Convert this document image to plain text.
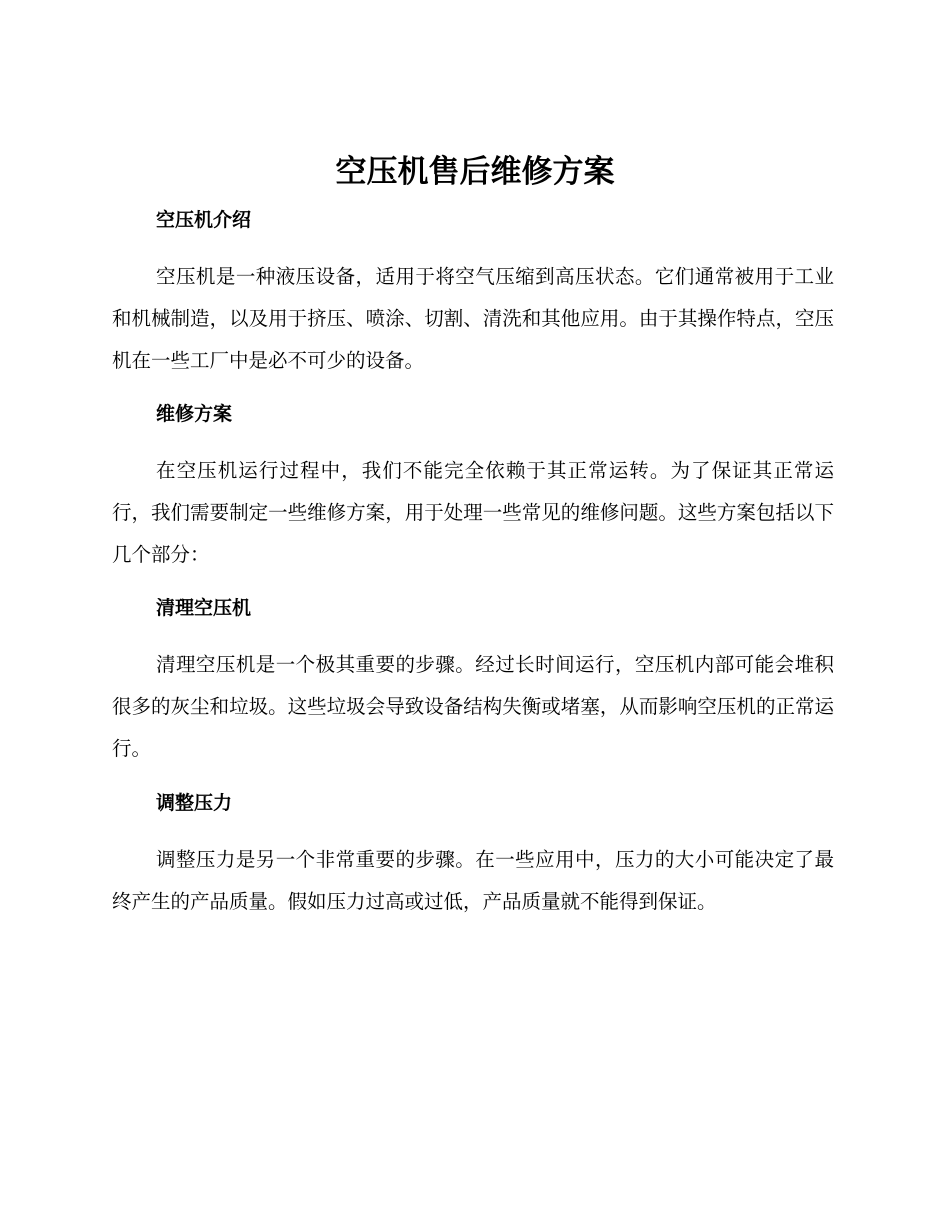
空压机售后维修方案
空压机介绍

空压机是一种液压设备，适用于将空气压缩到高压状态。它们通常被用于工业和机械制造，以及用于挤压、喷涂、切割、清洗和其他应用。由于其操作特点，空压机在一些工厂中是必不可少的设备。

维修方案

在空压机运行过程中，我们不能完全依赖于其正常运转。为了保证其正常运行，我们需要制定一些维修方案，用于处理一些常见的维修问题。这些方案包括以下几个部分：

清理空压机

清理空压机是一个极其重要的步骤。经过长时间运行，空压机内部可能会堆积很多的灰尘和垃圾。这些垃圾会导致设备结构失衡或堵塞，从而影响空压机的正常运行。

调整压力

调整压力是另一个非常重要的步骤。在一些应用中，压力的大小可能决定了最终产生的产品质量。假如压力过高或过低，产品质量就不能得到保证。
